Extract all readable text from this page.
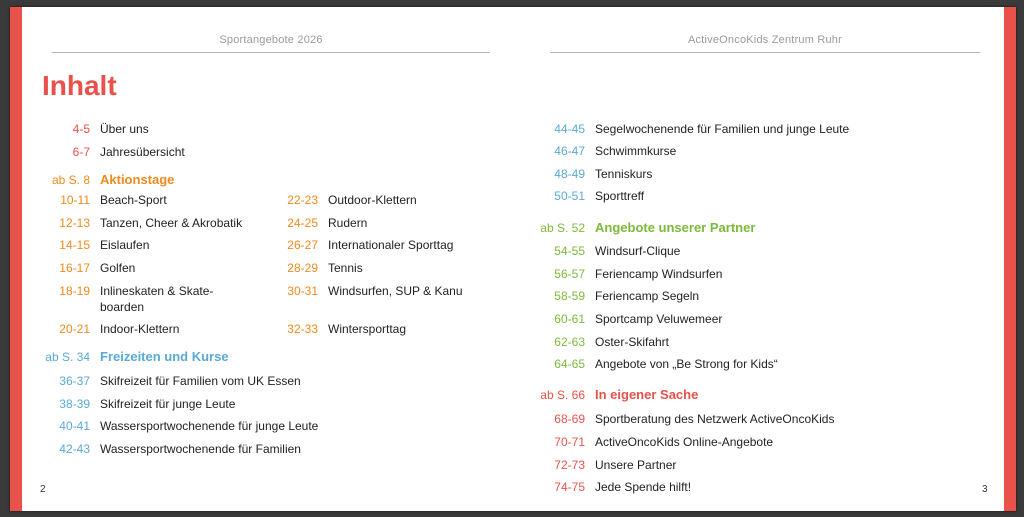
Sportangebote 2026
Inhalt
4-5 Über uns
6-7 Jahresübersicht
ab S. 8 Aktionstage
10-11 Beach-Sport
12-13 Tanzen, Cheer & Akrobatik
14-15 Eislaufen
16-17 Golfen
18-19 Inlineskaten & Skate-boarden
20-21 Indoor-Klettern
22-23 Outdoor-Klettern
24-25 Rudern
26-27 Internationaler Sporttag
28-29 Tennis
30-31 Windsurfen, SUP & Kanu
32-33 Wintersporttag
ab S. 34 Freizeiten und Kurse
36-37 Skifreizeit für Familien vom UK Essen
38-39 Skifreizeit für junge Leute
40-41 Wassersportwochenende für junge Leute
42-43 Wassersportwochenende für Familien
2
ActiveOncoKids Zentrum Ruhr
44-45 Segelwochenende für Familien und junge Leute
46-47 Schwimmkurse
48-49 Tenniskurs
50-51 Sporttreff
ab S. 52 Angebote unserer Partner
54-55 Windsurf-Clique
56-57 Feriencamp Windsurfen
58-59 Feriencamp Segeln
60-61 Sportcamp Veluwemeer
62-63 Oster-Skifahrt
64-65 Angebote von „Be Strong for Kids“
ab S. 66 In eigener Sache
68-69 Sportberatung des Netzwerk ActiveOncoKids
70-71 ActiveOncoKids Online-Angebote
72-73 Unsere Partner
74-75 Jede Spende hilft!	3
